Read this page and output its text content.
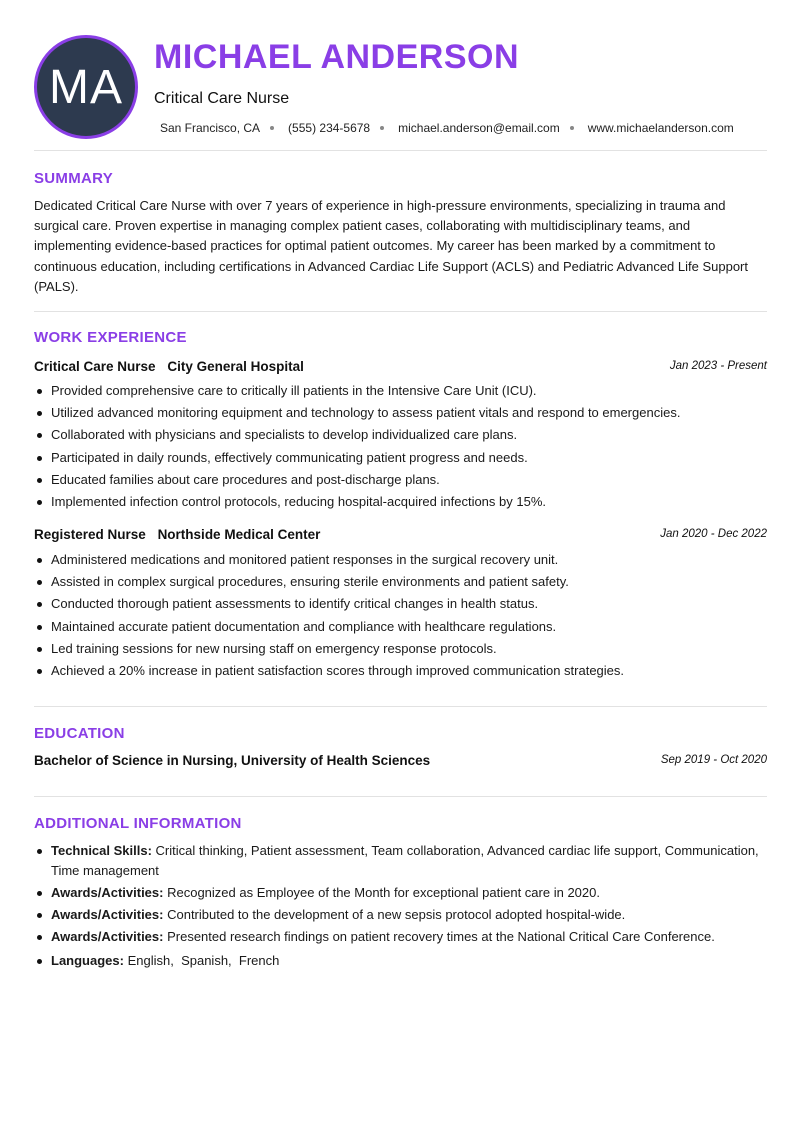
MA
MICHAEL ANDERSON
Critical Care Nurse
San Francisco, CA (555) 234-5678 michael.anderson@email.com www.michaelanderson.com
SUMMARY
Dedicated Critical Care Nurse with over 7 years of experience in high-pressure environments, specializing in trauma and surgical care. Proven expertise in managing complex patient cases, collaborating with multidisciplinary teams, and implementing evidence-based practices for optimal patient outcomes. My career has been marked by a commitment to continuous education, including certifications in Advanced Cardiac Life Support (ACLS) and Pediatric Advanced Life Support (PALS).
WORK EXPERIENCE
Critical Care Nurse City General Hospital	Jan 2023 - Present
Provided comprehensive care to critically ill patients in the Intensive Care Unit (ICU).
Utilized advanced monitoring equipment and technology to assess patient vitals and respond to emergencies.
Collaborated with physicians and specialists to develop individualized care plans.
Participated in daily rounds, effectively communicating patient progress and needs.
Educated families about care procedures and post-discharge plans.
Implemented infection control protocols, reducing hospital-acquired infections by 15%.
Registered Nurse Northside Medical Center	Jan 2020 - Dec 2022
Administered medications and monitored patient responses in the surgical recovery unit.
Assisted in complex surgical procedures, ensuring sterile environments and patient safety.
Conducted thorough patient assessments to identify critical changes in health status.
Maintained accurate patient documentation and compliance with healthcare regulations.
Led training sessions for new nursing staff on emergency response protocols.
Achieved a 20% increase in patient satisfaction scores through improved communication strategies.
EDUCATION
Bachelor of Science in Nursing, University of Health Sciences	Sep 2019 - Oct 2020
ADDITIONAL INFORMATION
Technical Skills: Critical thinking, Patient assessment, Team collaboration, Advanced cardiac life support, Communication, Time management
Awards/Activities: Recognized as Employee of the Month for exceptional patient care in 2020.
Awards/Activities: Contributed to the development of a new sepsis protocol adopted hospital-wide.
Awards/Activities: Presented research findings on patient recovery times at the National Critical Care Conference.
Languages: English,  Spanish,  French
